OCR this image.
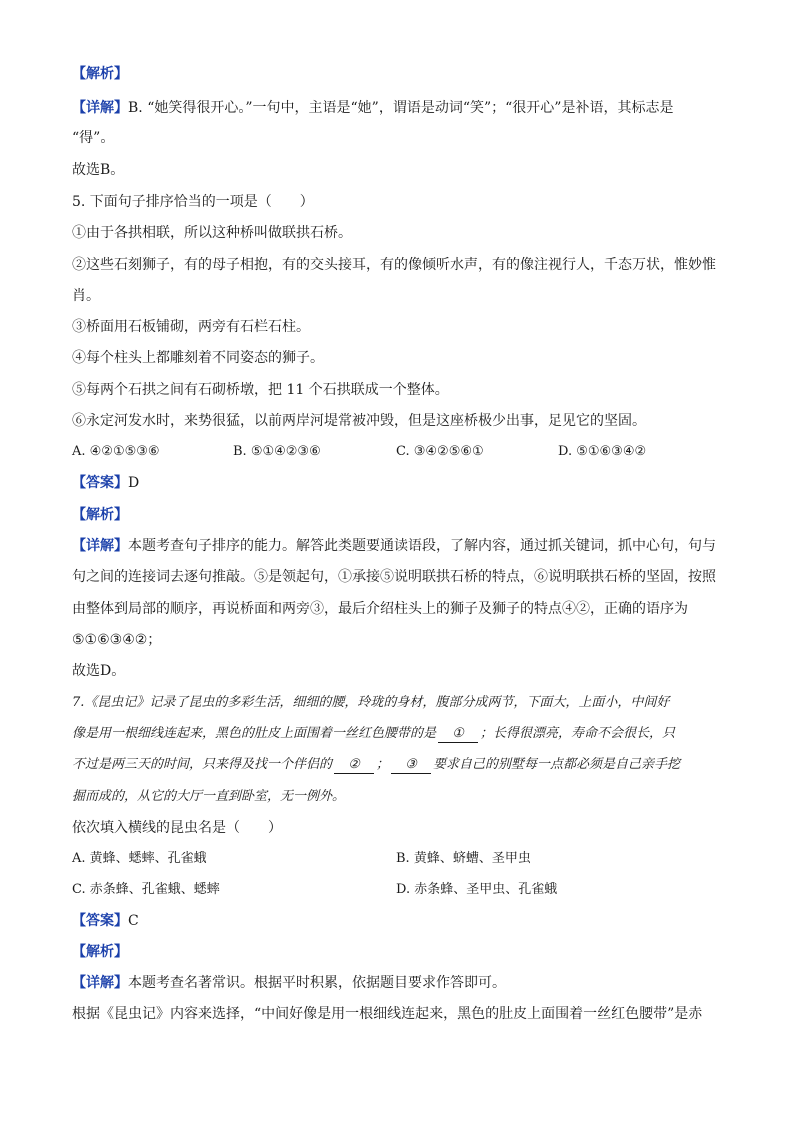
【解析】
【详解】B. “她笑得很开心。”一句中，主语是“她”，谓语是动词“笑”；“很开心”是补语，其标志是
“得”。
故选B。
5. 下面句子排序恰当的一项是（　　）
①由于各拱相联，所以这种桥叫做联拱石桥。
②这些石刻狮子，有的母子相抱，有的交头接耳，有的像倾听水声，有的像注视行人，千态万状，惟妙惟
肖。
③桥面用石板铺砌，两旁有石栏石柱。
④每个柱头上都雕刻着不同姿态的狮子。
⑤每两个石拱之间有石砌桥墩，把 11 个石拱联成一个整体。
⑥永定河发水时，来势很猛，以前两岸河堤常被冲毁，但是这座桥极少出事，足见它的坚固。
A. ④②①⑤③⑥	B. ⑤①④②③⑥	C. ③④②⑤⑥①	D. ⑤①⑥③④②
【答案】D
【解析】
【详解】本题考查句子排序的能力。解答此类题要通读语段，了解内容，通过抓关键词，抓中心句，句与
句之间的连接词去逐句推敲。⑤是领起句，①承接⑤说明联拱石桥的特点，⑥说明联拱石桥的坚固，按照
由整体到局部的顺序，再说桥面和两旁③，最后介绍柱头上的狮子及狮子的特点④②，正确的语序为
⑤①⑥③④②；
故选D。
7.《昆虫记》记录了昆虫的多彩生活，细细的腰，玲珑的身材，腹部分成两节，下面大，上面小，中间好
像是用一根细线连起来，黑色的肚皮上面围着一丝红色腰带的是 ① ；长得很漂亮，寿命不会很长，只
不过是两三天的时间，只来得及找一个伴侣的 ② ； ③ 要求自己的别墅每一点都必须是自己亲手挖
掘而成的，从它的大厅一直到卧室，无一例外。
依次填入横线的昆虫名是（　　）
A. 黄蜂、蟋蟀、孔雀蛾	B. 黄蜂、蛴螬、圣甲虫
C. 赤条蜂、孔雀蛾、蟋蟀	D. 赤条蜂、圣甲虫、孔雀蛾
【答案】C
【解析】
【详解】本题考查名著常识。根据平时积累，依据题目要求作答即可。
根据《昆虫记》内容来选择，“中间好像是用一根细线连起来，黑色的肚皮上面围着一丝红色腰带”是赤
